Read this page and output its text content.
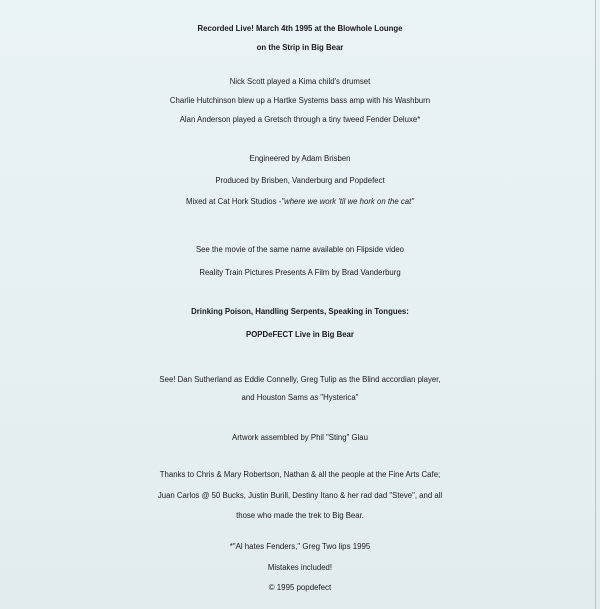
Recorded Live! March 4th 1995 at the Blowhole Lounge
on the Strip in Big Bear
Nick Scott played a Kima child's drumset
Charlie Hutchinson blew up a Hartke Systems bass amp with his Washburn
Alan Anderson played a Gretsch through a tiny tweed Fender Deluxe*
Engineered by Adam Brisben
Produced by Brisben, Vanderburg and Popdefect
Mixed at Cat Hork Studios -"where we work 'til we hork on the cat"
See the movie of the same name available on Flipside video
Reality Train Pictures Presents A Film by Brad Vanderburg
Drinking Poison, Handling Serpents, Speaking in Tongues:
POPDeFECT Live in Big Bear
See! Dan Sutherland as Eddie Connelly, Greg Tulip as the Blind accordian player,
and Houston Sams as "Hysterica"
Artwork assembled by Phil "Sting" Glau
Thanks to Chris & Mary Robertson, Nathan & all the people at the Fine Arts Cafe;
Juan Carlos @ 50 Bucks, Justin Burill, Destiny Itano & her rad dad "Steve", and all
those who made the trek to Big Bear.
*"Al hates Fenders," Greg Two lips 1995
Mistakes included!
© 1995 popdefect
